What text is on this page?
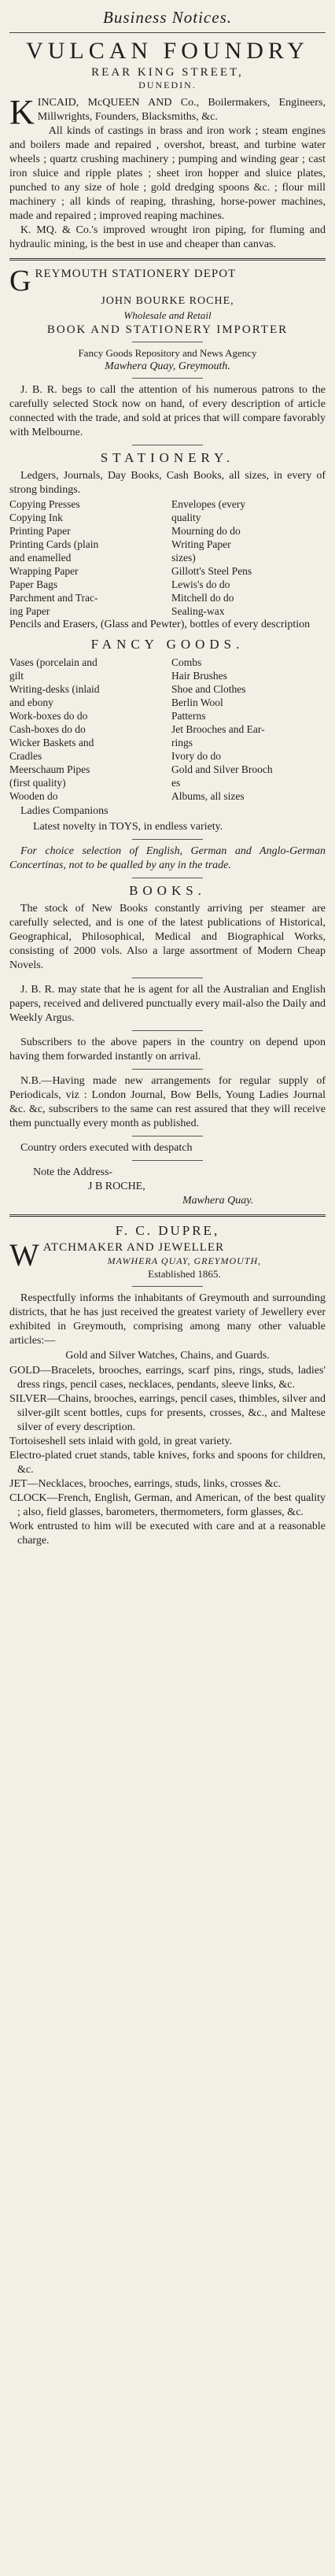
Business Notices.
VULCAN FOUNDRY
REAR KING STREET,
DUNEDIN.

KINCAID, McQUEEN AND Co., Boilermakers, Engineers, Millwrights, Founders, Blacksmiths, &c.

All kinds of castings in brass and iron work ; steam engines and boilers made and repaired , overshot, breast, and turbine water wheels ; quartz crushing machinery ; pumping and winding gear ; cast iron sluice and ripple plates ; sheet iron hopper and sluice plates, punched to any size of hole ; gold dredging spoons &c. ; flour mill machinery ; all kinds of reaping, thrashing, horse-power machines, made and repaired ; improved reaping machines.

K. MQ. & Co.'s improved wrought iron piping, for fluming and hydraulic mining, is the best in use and cheaper than canvas.

GREYMOUTH STATIONERY DEPOT

JOHN BOURKE ROCHE,
Wholesale and Retail
BOOK AND STATIONERY IMPORTER
Fancy Goods Repository and News Agency
Mawhera Quay, Greymouth.

J. B. R. begs to call the attention of his numerous patrons to the carefully selected Stock now on hand, of every description of article connected with the trade, and sold at prices that will compare favorably with Melbourne.

STATIONERY.

Ledgers, Journals, Day Books, Cash Books, all sizes, in every of strong bindings.

Copying Presses	Envelopes (every
Copying Ink	quality
Printing Paper	Mourning do do
Printing Cards (plain	Writing Paper
and enamelled	sizes)
Wrapping Paper	Gillott's Steel Pens
Paper Bags	Lewis's do do
Parchment and Trac-	Mitchell do do
ing Paper	Sealing-wax

Pencils and Erasers, (Glass and Pewter), bottles of every description

FANCY GOODS.
Vases (porcelain and	Combs
gilt	Hair Brushes
Writing-desks (inlaid	Shoe and Clothes
and ebony	Berlin Wool
Work-boxes do do	Patterns
Cash-boxes do do	Jet Brooches and Ear-
Wicker Baskets and	rings
Cradles	Ivory do do
Meerschaum Pipes	Gold and Silver Brooch
(first quality)	es
Wooden do	Albums, all sizes
Ladies Companions

Latest novelty in TOYS, in endless variety.

For choice selection of English, German and Anglo-German Concertinas, not to be qualled by any in the trade.

BOOKS.

The stock of New Books constantly arriving per steamer are carefully selected, and is one of the latest publications of Historical, Geographical, Philosophical, Medical and Biographical Works, consisting of 2000 vols. Also a large assortment of Modern Cheap Novels.

J. B. R. may state that he is agent for all the Australian and English papers, received and delivered punctually every mail-also the Daily and Weekly Argus.

Subscribers to the above papers in the country on depend upon having them forwarded instantly on arrival.

N.B.—Having made new arrangements for regular supply of Periodicals, viz : London Journal, Bow Bells, Young Ladies Journal &c. &c, subscribers to the same can rest assured that they will receive them punctually every month as published.

Country orders executed with despatch

Note the Address-
J B ROCHE,
Mawhera Quay.
F. C. DUPRE,

WATCHMAKER AND JEWELLER

MAWHERA QUAY, GREYMOUTH,
Established 1865.

Respectfully informs the inhabitants of Greymouth and surrounding districts, that he has just received the greatest variety of Jewellery ever exhibited in Greymouth, comprising among many other valuable articles:—

Gold and Silver Watches, Chains, and Guards.

GOLD—Bracelets, brooches, earrings, scarf pins, rings, studs, ladies' dress rings, pencil cases, necklaces, pendants, sleeve links, &c.

SILVER—Chains, brooches, earrings, pencil cases, thimbles, silver and silver-gilt scent bottles, cups for presents, crosses, &c., and Maltese silver of every description.

Tortoiseshell sets inlaid with gold, in great variety.

Electro-plated cruet stands, table knives, forks and spoons for children, &c.

JET—Necklaces, brooches, earrings, studs, links, crosses &c.

CLOCK—French, English, German, and American, of the best quality ; also, field glasses, barometers, thermometers, form glasses, &c.

Work entrusted to him will be executed with care and at a reasonable charge.
